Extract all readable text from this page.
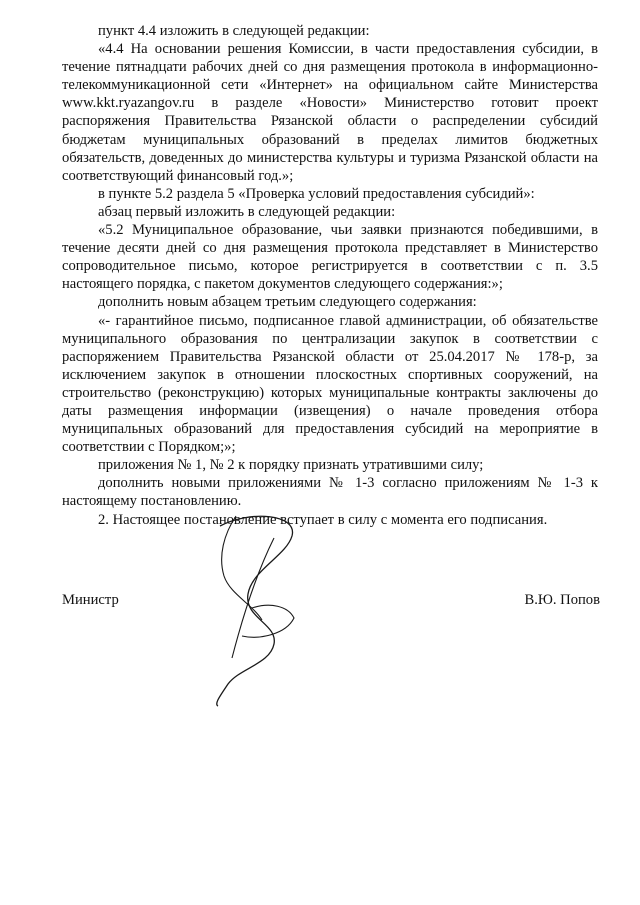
пункт 4.4 изложить в следующей редакции:

«4.4 На основании решения Комиссии, в части предоставления субсидии, в течение пятнадцати рабочих дней со дня размещения протокола в информационно-телекоммуникационной сети «Интернет» на официальном сайте Министерства www.kkt.ryazangov.ru в разделе «Новости» Министерство готовит проект распоряжения Правительства Рязанской области о распределении субсидий бюджетам муниципальных образований в пределах лимитов бюджетных обязательств, доведенных до министерства культуры и туризма Рязанской области на соответствующий финансовый год.»;

в пункте 5.2 раздела 5 «Проверка условий предоставления субсидий»:

абзац первый изложить в следующей редакции:

«5.2 Муниципальное образование, чьи заявки признаются победившими, в течение десяти дней со дня размещения протокола представляет в Министерство сопроводительное письмо, которое регистрируется в соответствии с п. 3.5 настоящего порядка, с пакетом документов следующего содержания:»;

дополнить новым абзацем третьим следующего содержания:

«- гарантийное письмо, подписанное главой администрации, об обязательстве муниципального образования по централизации закупок в соответствии с распоряжением Правительства Рязанской области от 25.04.2017 № 178-р, за исключением закупок в отношении плоскостных спортивных сооружений, на строительство (реконструкцию) которых муниципальные контракты заключены до даты размещения информации (извещения) о начале проведения отбора муниципальных образований для предоставления субсидий на мероприятие в соответствии с Порядком;»;

приложения № 1, № 2 к порядку признать утратившими силу;

дополнить новыми приложениями № 1-3 согласно приложениям № 1-3 к настоящему постановлению.

2. Настоящее постановление вступает в силу с момента его подписания.

Министр	В.Ю. Попов
